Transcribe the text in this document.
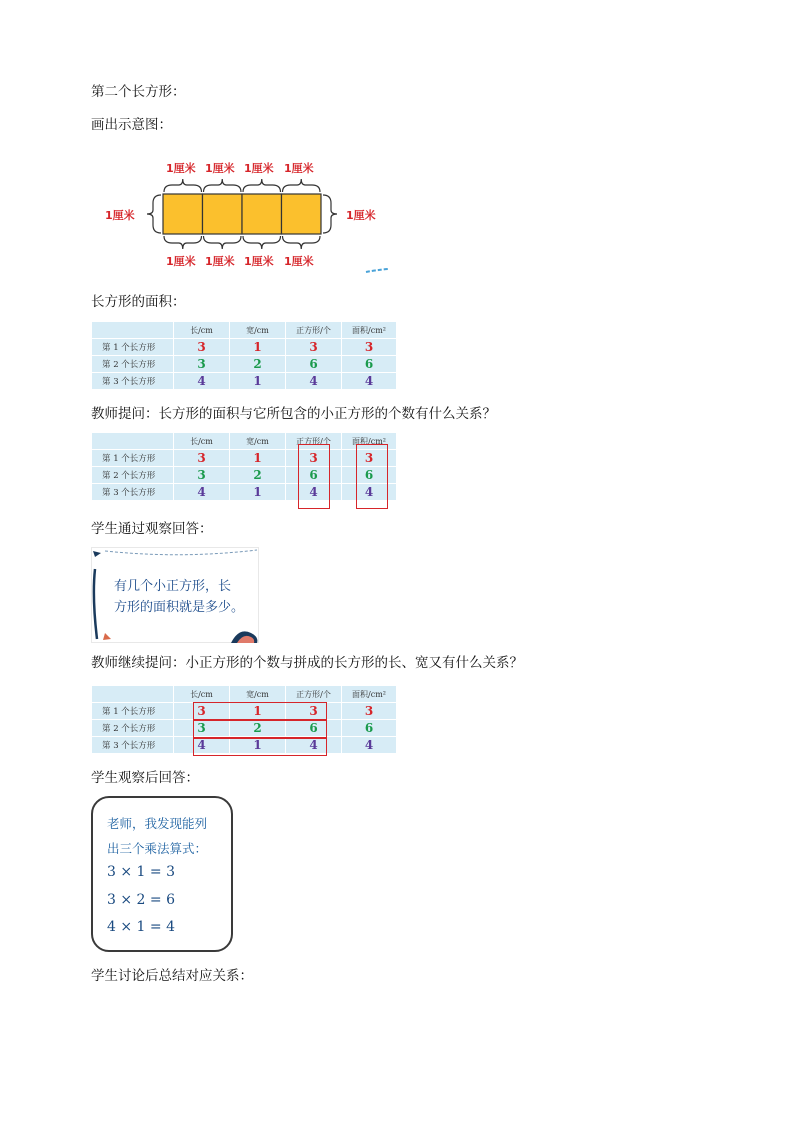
第二个长方形：
画出示意图：
1厘米 1厘米 1厘米 1厘米
1厘米 1厘米 1厘米 1厘米
1厘米	1厘米
长方形的面积：
	长/cm	宽/cm	正方形/个	面积/cm²
第 1 个长方形	3	1	3	3
第 2 个长方形	3	2	6	6
第 3 个长方形	4	1	4	4
教师提问：长方形的面积与它所包含的小正方形的个数有什么关系？
	长/cm	宽/cm	正方形/个	面积/cm²
第 1 个长方形	3	1	3	3
第 2 个长方形	3	2	6	6
第 3 个长方形	4	1	4	4
学生通过观察回答：
有几个小正方形，长
方形的面积就是多少。
教师继续提问：小正方形的个数与拼成的长方形的长、宽又有什么关系？
	长/cm	宽/cm	正方形/个	面积/cm²
第 1 个长方形	3	1	3	3
第 2 个长方形	3	2	6	6
第 3 个长方形	4	1	4	4
学生观察后回答：
老师，我发现能列
出三个乘法算式：
3 × 1 = 3
3 × 2 = 6
4 × 1 = 4
学生讨论后总结对应关系：
